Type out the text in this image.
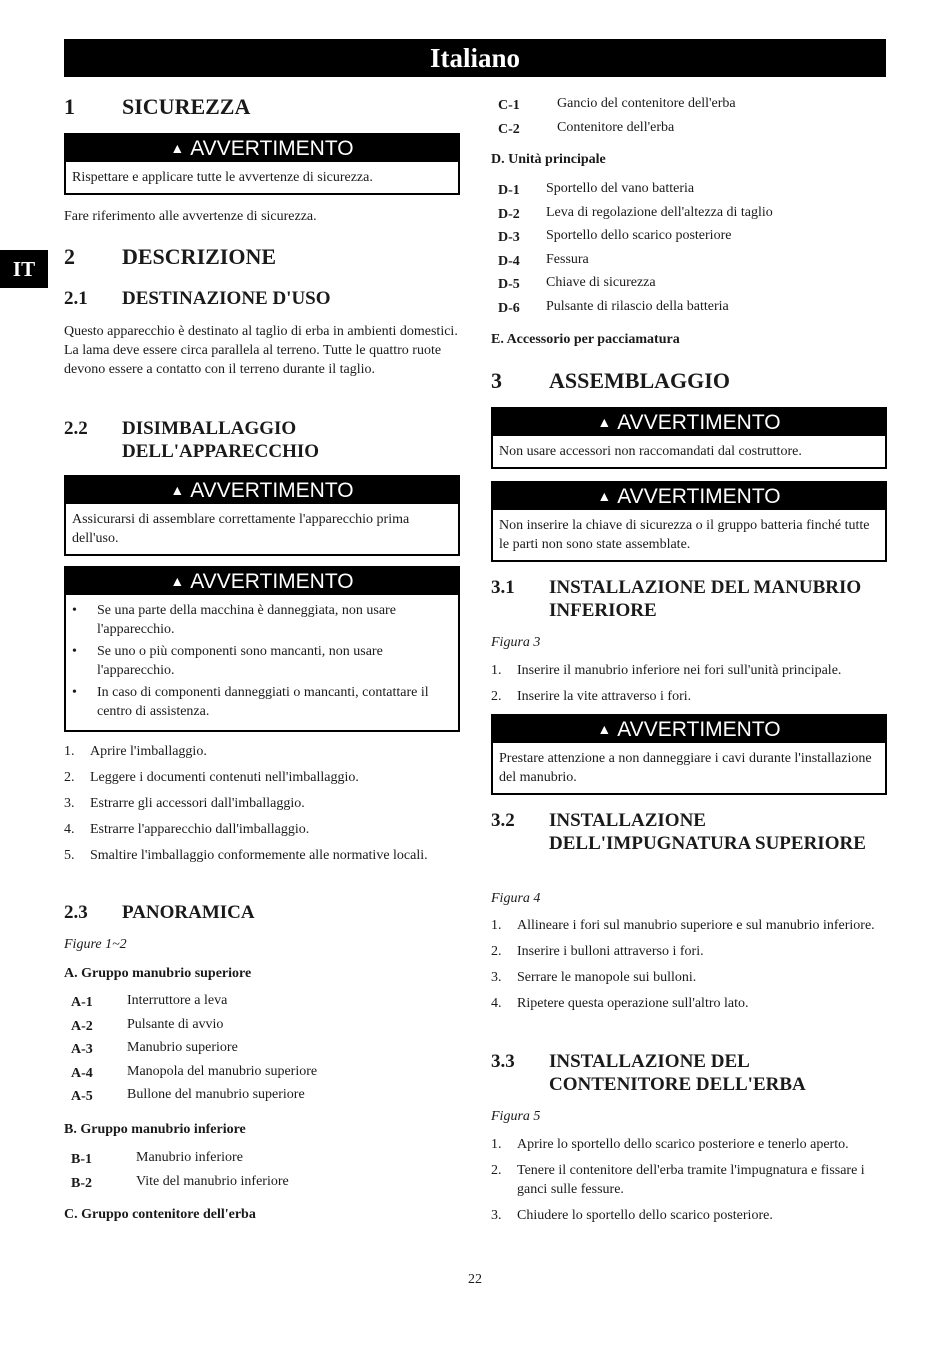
Italiano
IT
1 SICUREZZA
▲ AVVERTIMENTO
Rispettare e applicare tutte le avvertenze di sicurezza.
Fare riferimento alle avvertenze di sicurezza.
2 DESCRIZIONE
2.1 DESTINAZIONE D'USO
Questo apparecchio è destinato al taglio di erba in ambienti domestici. La lama deve essere circa parallela al terreno. Tutte le quattro ruote devono essere a contatto con il terreno durante il taglio.
2.2 DISIMBALLAGGIO DELL'APPARECCHIO
▲ AVVERTIMENTO
Assicurarsi di assemblare correttamente l'apparecchio prima dell'uso.
▲ AVVERTIMENTO
• Se una parte della macchina è danneggiata, non usare l'apparecchio.
• Se uno o più componenti sono mancanti, non usare l'apparecchio.
• In caso di componenti danneggiati o mancanti, contattare il centro di assistenza.
1. Aprire l'imballaggio.
2. Leggere i documenti contenuti nell'imballaggio.
3. Estrarre gli accessori dall'imballaggio.
4. Estrarre l'apparecchio dall'imballaggio.
5. Smaltire l'imballaggio conformemente alle normative locali.
2.3 PANORAMICA
Figure 1~2
A. Gruppo manubrio superiore
A-1 Interruttore a leva
A-2 Pulsante di avvio
A-3 Manubrio superiore
A-4 Manopola del manubrio superiore
A-5 Bullone del manubrio superiore
B. Gruppo manubrio inferiore
B-1	Manubrio inferiore
B-2	Vite del manubrio inferiore
C. Gruppo contenitore dell'erba
C-1	Gancio del contenitore dell'erba
C-2	Contenitore dell'erba
D. Unità principale
D-1 Sportello del vano batteria
D-2 Leva di regolazione dell'altezza di taglio
D-3 Sportello dello scarico posteriore
D-4 Fessura
D-5 Chiave di sicurezza
D-6 Pulsante di rilascio della batteria
E. Accessorio per pacciamatura
3 ASSEMBLAGGIO
▲ AVVERTIMENTO
Non usare accessori non raccomandati dal costruttore.
▲ AVVERTIMENTO
Non inserire la chiave di sicurezza o il gruppo batteria finché tutte le parti non sono state assemblate.
3.1 INSTALLAZIONE DEL MANUBRIO INFERIORE
Figura 3
1. Inserire il manubrio inferiore nei fori sull'unità principale.
2. Inserire la vite attraverso i fori.
▲ AVVERTIMENTO
Prestare attenzione a non danneggiare i cavi durante l'installazione del manubrio.
3.2 INSTALLAZIONE DELL'IMPUGNATURA SUPERIORE
Figura 4
1. Allineare i fori sul manubrio superiore e sul manubrio inferiore.
2. Inserire i bulloni attraverso i fori.
3. Serrare le manopole sui bulloni.
4. Ripetere questa operazione sull'altro lato.
3.3 INSTALLAZIONE DEL CONTENITORE DELL'ERBA
Figura 5
1. Aprire lo sportello dello scarico posteriore e tenerlo aperto.
2. Tenere il contenitore dell'erba tramite l'impugnatura e fissare i ganci sulle fessure.
3. Chiudere lo sportello dello scarico posteriore.
22
